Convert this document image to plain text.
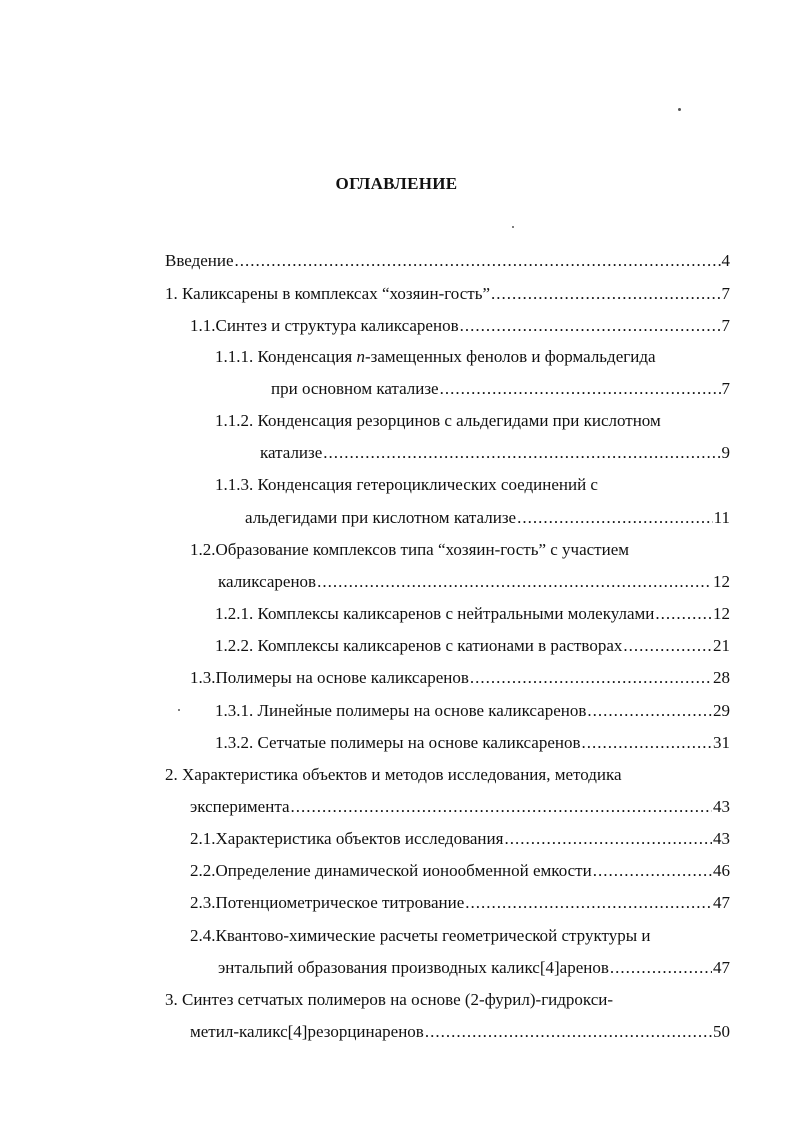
ОГЛАВЛЕНИЕ
Введение .....	4
1. Каликсарены в комплексах “хозяин-гость” .....	7
1.1.Синтез и структура каликсаренов .....	7
1.1.1. Конденсация n-замещенных фенолов и формальдегида
при основном катализе .....	7
1.1.2. Конденсация резорцинов с альдегидами при кислотном
катализе .....	9
1.1.3. Конденсация гетероциклических соединений с
альдегидами при кислотном катализе .....	11
1.2.Образование комплексов типа “хозяин-гость” с участием
каликсаренов .....	12
1.2.1. Комплексы каликсаренов с нейтральными молекулами .....	12
1.2.2. Комплексы каликсаренов с катионами в растворах .....	21
1.3.Полимеры на основе каликсаренов .....	28
1.3.1. Линейные полимеры на основе каликсаренов .....	29
1.3.2. Сетчатые полимеры на основе каликсаренов .....	31
2. Характеристика объектов и методов исследования, методика
эксперимента .....	43
2.1.Характеристика объектов исследования .....	43
2.2.Определение динамической ионообменной емкости .....	46
2.3.Потенциометрическое титрование .....	47
2.4.Квантово-химические расчеты геометрической структуры и
энтальпий образования производных каликс[4]аренов .....	47
3. Синтез сетчатых полимеров на основе (2-фурил)-гидрокси-
метил-каликс[4]резорцинаренов .....	50
